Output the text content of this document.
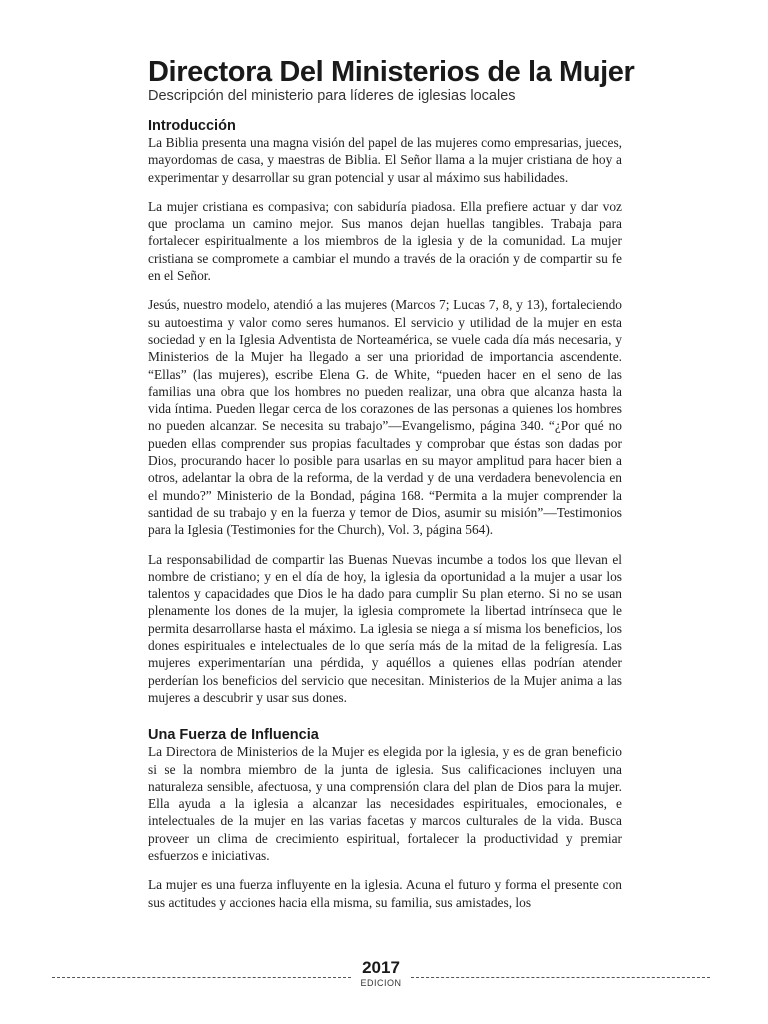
Directora Del Ministerios de la Mujer

Descripción del ministerio para líderes de iglesias locales

Introducción

La Biblia presenta una magna visión del papel de las mujeres como empresarias, jueces, mayordomas de casa, y maestras de Biblia. El Señor llama a la mujer cristiana de hoy a experimentar y desarrollar su gran potencial y usar al máximo sus habilidades.

La mujer cristiana es compasiva; con sabiduría piadosa. Ella prefiere actuar y dar voz que proclama un camino mejor. Sus manos dejan huellas tangibles. Trabaja para fortalecer espiritualmente a los miembros de la iglesia y de la comunidad. La mujer cristiana se compromete a cambiar el mundo a través de la oración y de compartir su fe en el Señor.

Jesús, nuestro modelo, atendió a las mujeres (Marcos 7; Lucas 7, 8, y 13), fortaleciendo su autoestima y valor como seres humanos. El servicio y utilidad de la mujer en esta sociedad y en la Iglesia Adventista de Norteamérica, se vuele cada día más necesaria, y Ministerios de la Mujer ha llegado a ser una prioridad de importancia ascendente. “Ellas” (las mujeres), escribe Elena G. de White, “pueden hacer en el seno de las familias una obra que los hombres no pueden realizar, una obra que alcanza hasta la vida íntima. Pueden llegar cerca de los corazones de las personas a quienes los hombres no pueden alcanzar. Se necesita su trabajo”—Evangelismo, página 340. “¿Por qué no pueden ellas comprender sus propias facultades y comprobar que éstas son dadas por Dios, procurando hacer lo posible para usarlas en su mayor amplitud para hacer bien a otros, adelantar la obra de la reforma, de la verdad y de una verdadera benevolencia en el mundo?” Ministerio de la Bondad, página 168. “Permita a la mujer comprender la santidad de su trabajo y en la fuerza y temor de Dios, asumir su misión”—Testimonios para la Iglesia (Testimonies for the Church), Vol. 3, página 564).

La responsabilidad de compartir las Buenas Nuevas incumbe a todos los que llevan el nombre de cristiano; y en el día de hoy, la iglesia da oportunidad a la mujer a usar los talentos y capacidades que Dios le ha dado para cumplir Su plan eterno. Si no se usan plenamente los dones de la mujer, la iglesia compromete la libertad intrínseca que le permita desarrollarse hasta el máximo. La iglesia se niega a sí misma los beneficios, los dones espirituales e intelectuales de lo que sería más de la mitad de la feligresía. Las mujeres experimentarían una pérdida, y aquéllos a quienes ellas podrían atender perderían los beneficios del servicio que necesitan. Ministerios de la Mujer anima a las mujeres a descubrir y usar sus dones.

Una Fuerza de Influencia

La Directora de Ministerios de la Mujer es elegida por la iglesia, y es de gran beneficio si se la nombra miembro de la junta de iglesia. Sus calificaciones incluyen una naturaleza sensible, afectuosa, y una comprensión clara del plan de Dios para la mujer. Ella ayuda a la iglesia a alcanzar las necesidades espirituales, emocionales, e intelectuales de la mujer en las varias facetas y marcos culturales de la vida. Busca proveer un clima de crecimiento espiritual, fortalecer la productividad y premiar esfuerzos e iniciativas.

La mujer es una fuerza influyente en la iglesia. Acuna el futuro y forma el presente con sus actitudes y acciones hacia ella misma, su familia, sus amistades, los

2017
EDICION
